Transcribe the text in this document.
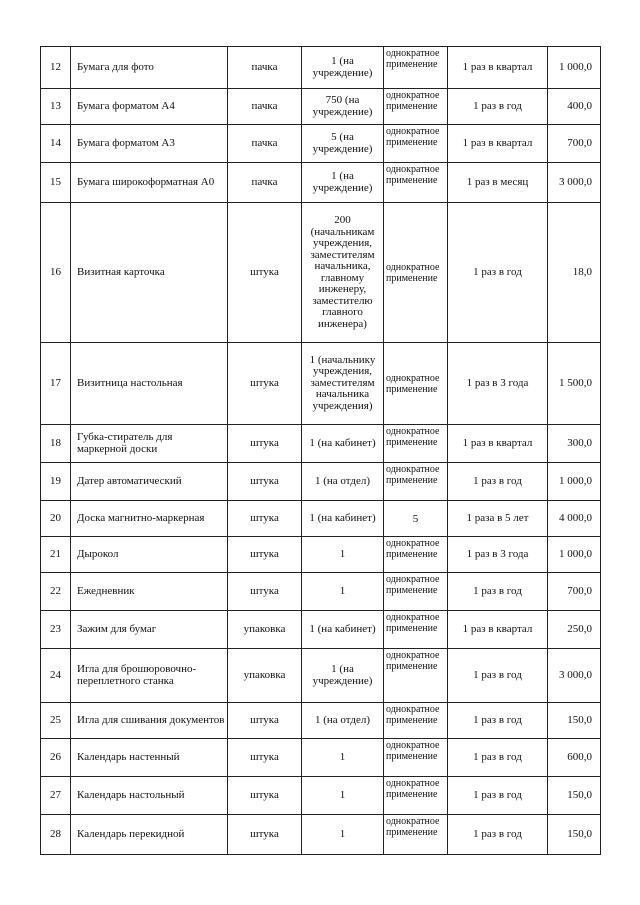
12	Бумага для фото	пачка	1 (на учреждение)	однократное применение	1 раз в квартал	1 000,0
13	Бумага форматом А4	пачка	750 (на учреждение)	однократное применение	1 раз в год	400,0
14	Бумага форматом А3	пачка	5 (на учреждение)	однократное применение	1 раз в квартал	700,0
15	Бумага широкоформатная А0	пачка	1 (на учреждение)	однократное применение	1 раз в месяц	3 000,0
16	Визитная карточка	штука	200 (начальникам учреждения, заместителям начальника, главному инженеру, заместителю главного инженера)	однократное применение	1 раз в год	18,0
17	Визитница настольная	штука	1 (начальнику учреждения, заместителям начальника учреждения)	однократное применение	1 раз в 3 года	1 500,0
18	Губка-стиратель для маркерной доски	штука	1 (на кабинет)	однократное применение	1 раз в квартал	300,0
19	Датер автоматический	штука	1 (на отдел)	однократное применение	1 раз в год	1 000,0
20	Доска магнитно-маркерная	штука	1 (на кабинет)	5	1 раза в 5 лет	4 000,0
21	Дырокол	штука	1	однократное применение	1 раз в 3 года	1 000,0
22	Ежедневник	штука	1	однократное применение	1 раз в год	700,0
23	Зажим для бумаг	упаковка	1 (на кабинет)	однократное применение	1 раз в квартал	250,0
24	Игла для брошюровочно-переплетного станка	упаковка	1 (на учреждение)	однократное применение	1 раз в год	3 000,0
25	Игла для сшивания документов	штука	1 (на отдел)	однократное применение	1 раз в год	150,0
26	Календарь настенный	штука	1	однократное применение	1 раз в год	600,0
27	Календарь настольный	штука	1	однократное применение	1 раз в год	150,0
28	Календарь перекидной	штука	1	однократное применение	1 раз в год	150,0
